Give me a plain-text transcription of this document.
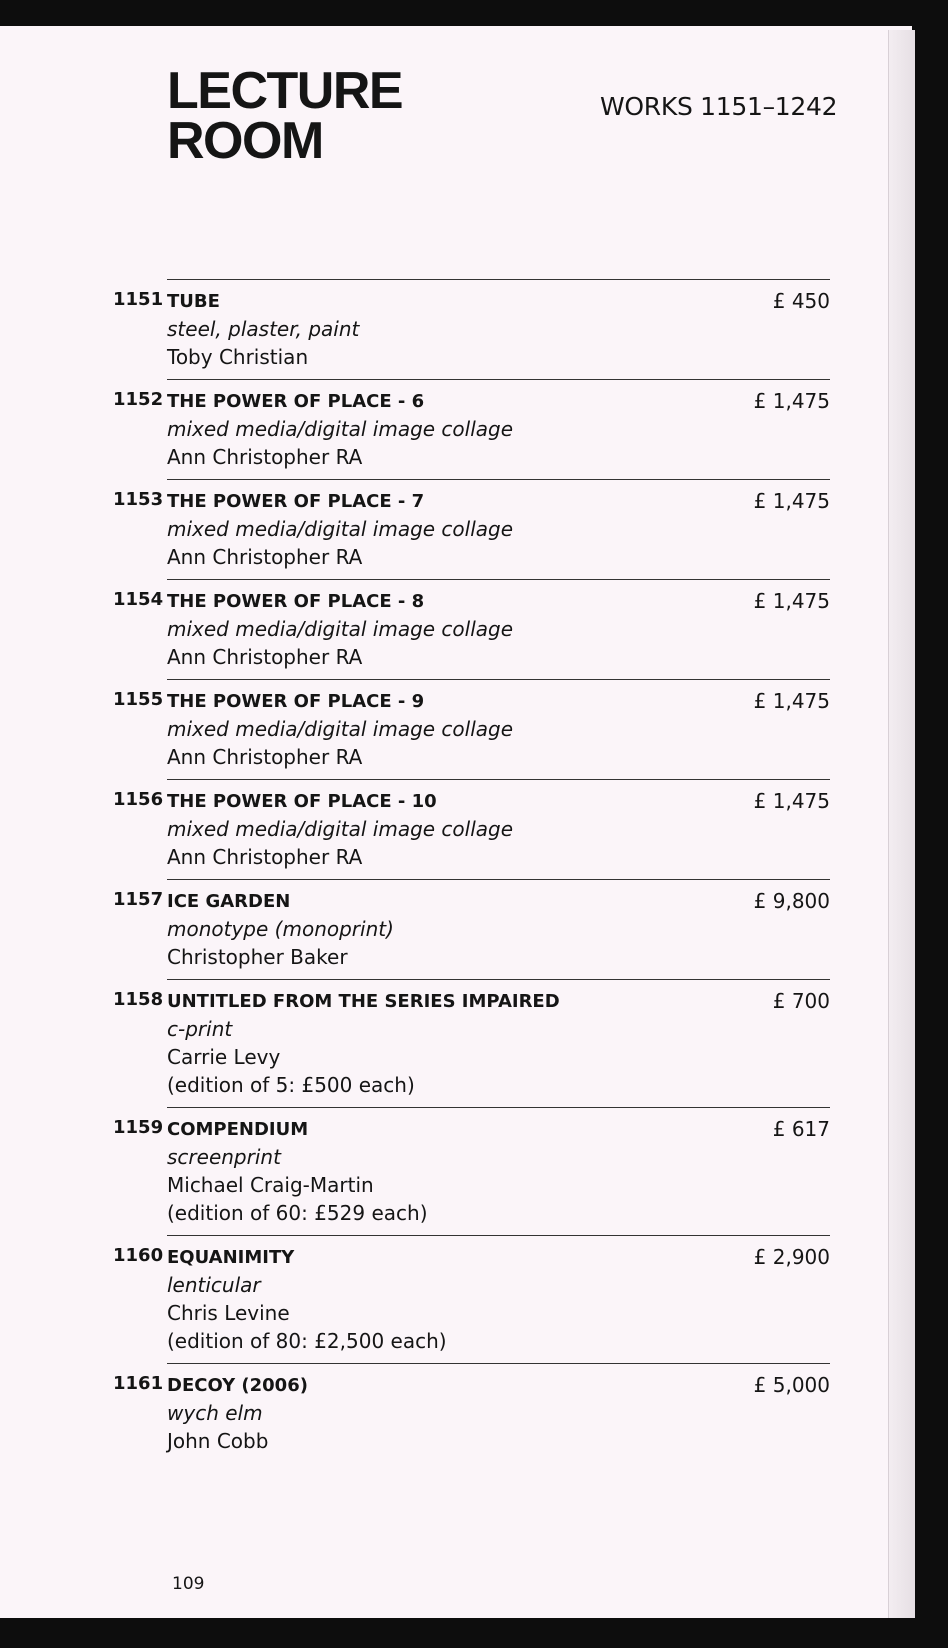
LECTURE
ROOM
WORKS 1151–1242
1151 TUBE
steel, plaster, paint
Toby Christian
£ 450
1152 THE POWER OF PLACE - 6
mixed media/digital image collage
Ann Christopher RA
£ 1,475
1153 THE POWER OF PLACE - 7
mixed media/digital image collage
Ann Christopher RA
£ 1,475
1154 THE POWER OF PLACE - 8
mixed media/digital image collage
Ann Christopher RA
£ 1,475
1155 THE POWER OF PLACE - 9
mixed media/digital image collage
Ann Christopher RA
£ 1,475
1156 THE POWER OF PLACE - 10
mixed media/digital image collage
Ann Christopher RA
£ 1,475
1157 ICE GARDEN
monotype (monoprint)
Christopher Baker
£ 9,800
1158 UNTITLED FROM THE SERIES IMPAIRED
c-print
Carrie Levy
(edition of 5: £500 each)
£ 700
1159 COMPENDIUM
screenprint
Michael Craig-Martin
(edition of 60: £529 each)
£ 617
1160 EQUANIMITY
lenticular
Chris Levine
(edition of 80: £2,500 each)
£ 2,900
1161 DECOY (2006)
wych elm
John Cobb
£ 5,000
109
